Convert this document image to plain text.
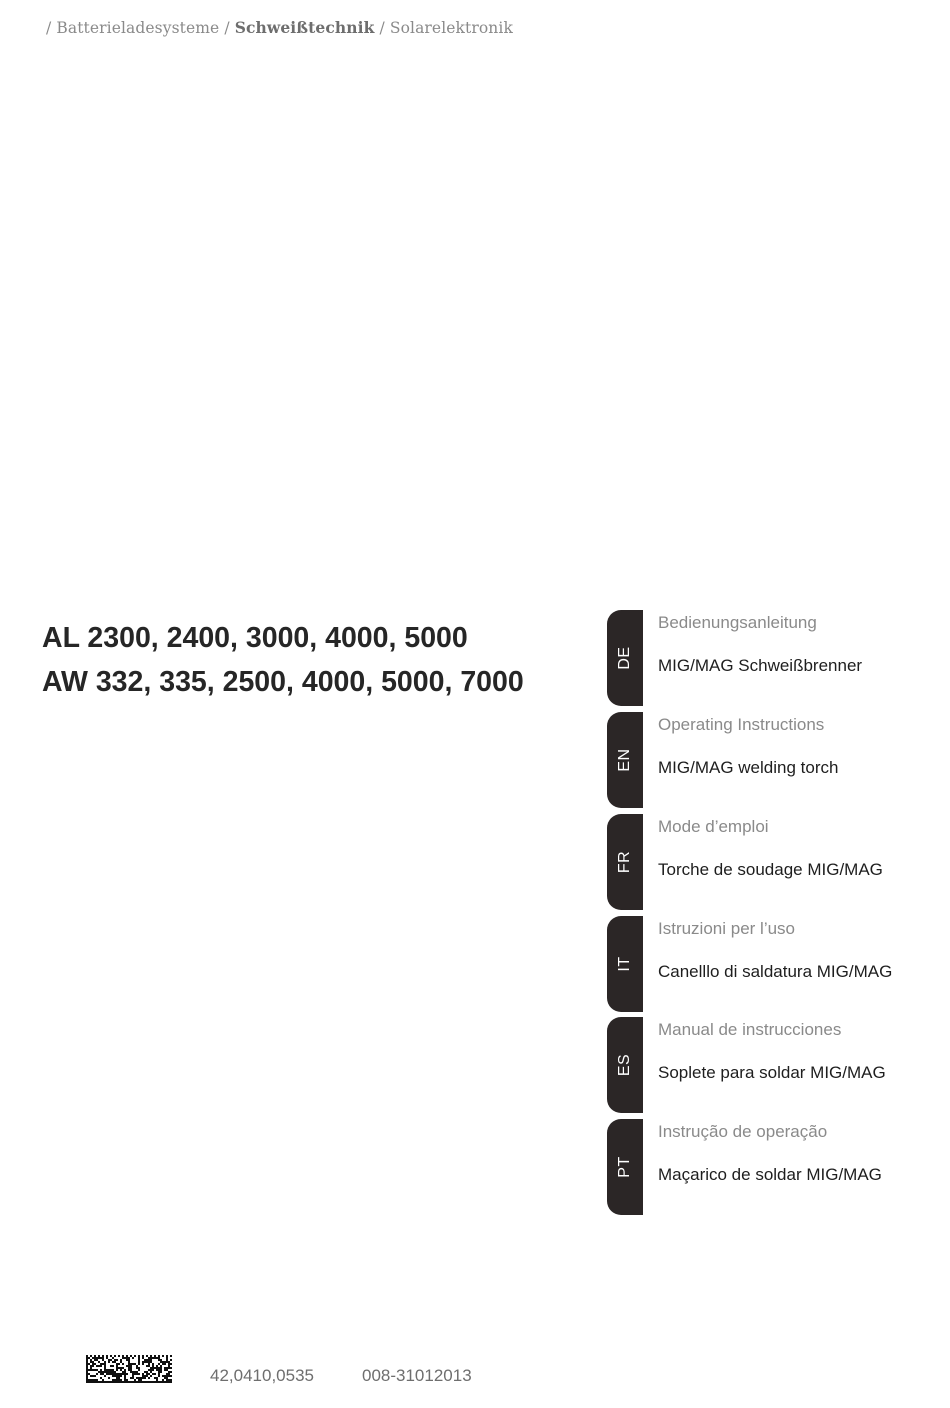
/ Batterieladesysteme / Schweißtechnik / Solarelektronik
AL 2300, 2400, 3000, 4000, 5000
AW 332, 335, 2500, 4000, 5000, 7000
DE
Bedienungsanleitung
MIG/MAG Schweißbrenner
EN
Operating Instructions
MIG/MAG welding torch
FR
Mode d’emploi
Torche de soudage MIG/MAG
IT
Istruzioni per l’uso
Canelllo di saldatura MIG/MAG
ES
Manual de instrucciones
Soplete para soldar MIG/MAG
PT
Instrução de operação
Maçarico de soldar MIG/MAG
42,0410,0535	008-31012013
